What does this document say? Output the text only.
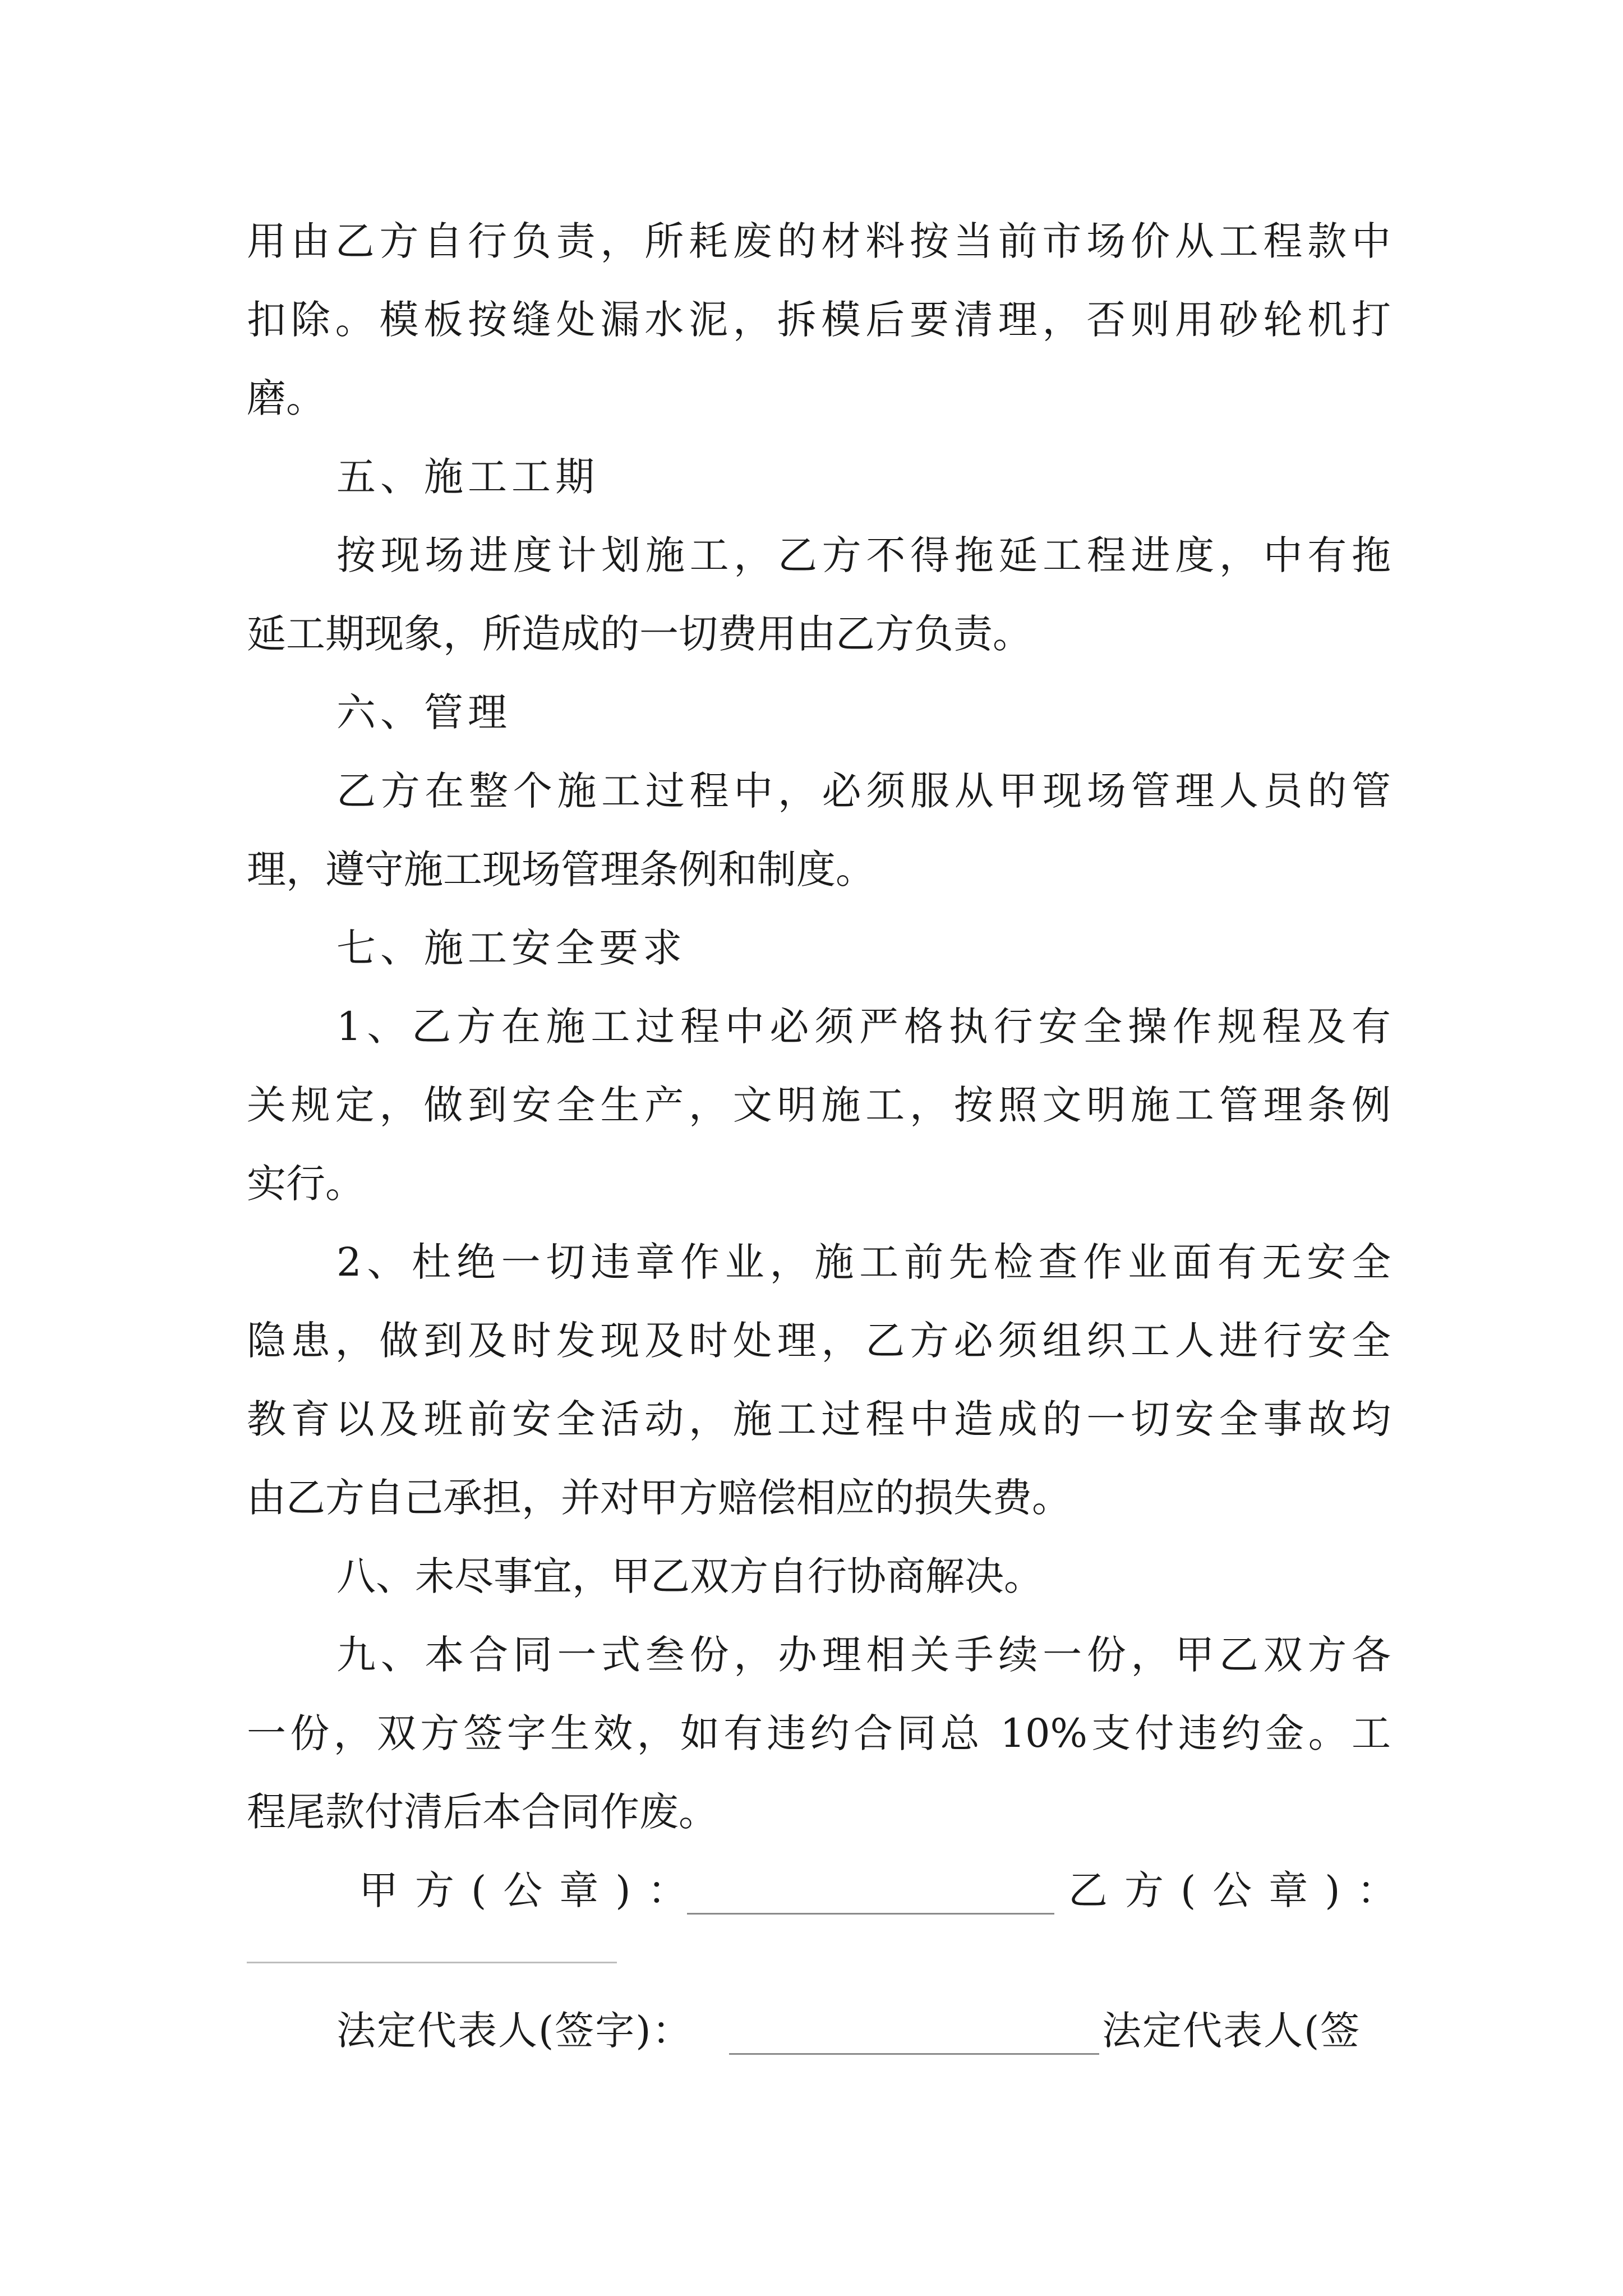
用由乙方自行负责，所耗废的材料按当前市场价从工程款中
扣除。模板按缝处漏水泥，拆模后要清理，否则用砂轮机打
磨。
五、施工工期
按现场进度计划施工，乙方不得拖延工程进度，中有拖
延工期现象，所造成的一切费用由乙方负责。
六、管理
乙方在整个施工过程中，必须服从甲现场管理人员的管
理，遵守施工现场管理条例和制度。
七、施工安全要求
1、乙方在施工过程中必须严格执行安全操作规程及有
关规定，做到安全生产，文明施工，按照文明施工管理条例
实行。
2、杜绝一切违章作业，施工前先检查作业面有无安全
隐患，做到及时发现及时处理，乙方必须组织工人进行安全
教育以及班前安全活动，施工过程中造成的一切安全事故均
由乙方自己承担，并对甲方赔偿相应的损失费。
八、未尽事宜，甲乙双方自行协商解决。
九、本合同一式叁份，办理相关手续一份，甲乙双方各
一份，双方签字生效，如有违约合同总 10%支付违约金。工
程尾款付清后本合同作废。
甲方(公章)：	乙方(公章)：
法定代表人(签字)：	法定代表人(签
